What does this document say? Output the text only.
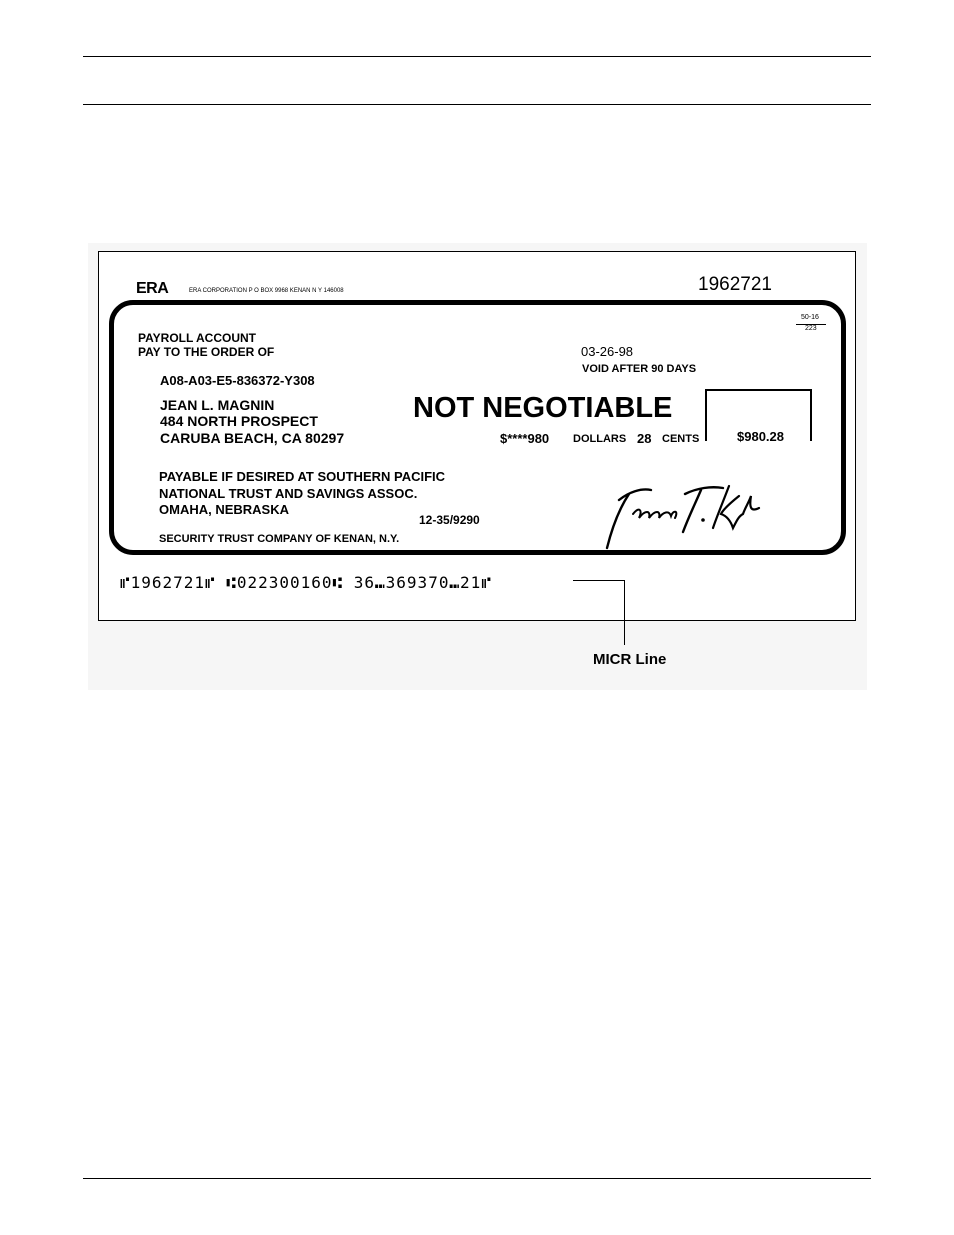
ERA	ERA CORPORATION P O BOX 9968 KENAN N Y 146008	1962721
50-16
223
PAYROLL ACCOUNT
PAY TO THE ORDER OF	03-26-98
VOID AFTER 90 DAYS
A08-A03-E5-836372-Y308
JEAN L. MAGNIN
484 NORTH PROSPECT
CARUBA BEACH, CA 80297
NOT NEGOTIABLE
$****980 DOLLARS 28 CENTS	$980.28
PAYABLE IF DESIRED AT SOUTHERN PACIFIC
NATIONAL TRUST AND SAVINGS ASSOC.
OMAHA, NEBRASKA
12-35/9290
SECURITY TRUST COMPANY OF KENAN, N.Y.
⑈1962721⑈ ⑆022300160⑆ 36⑉369370⑉21⑈
MICR Line
